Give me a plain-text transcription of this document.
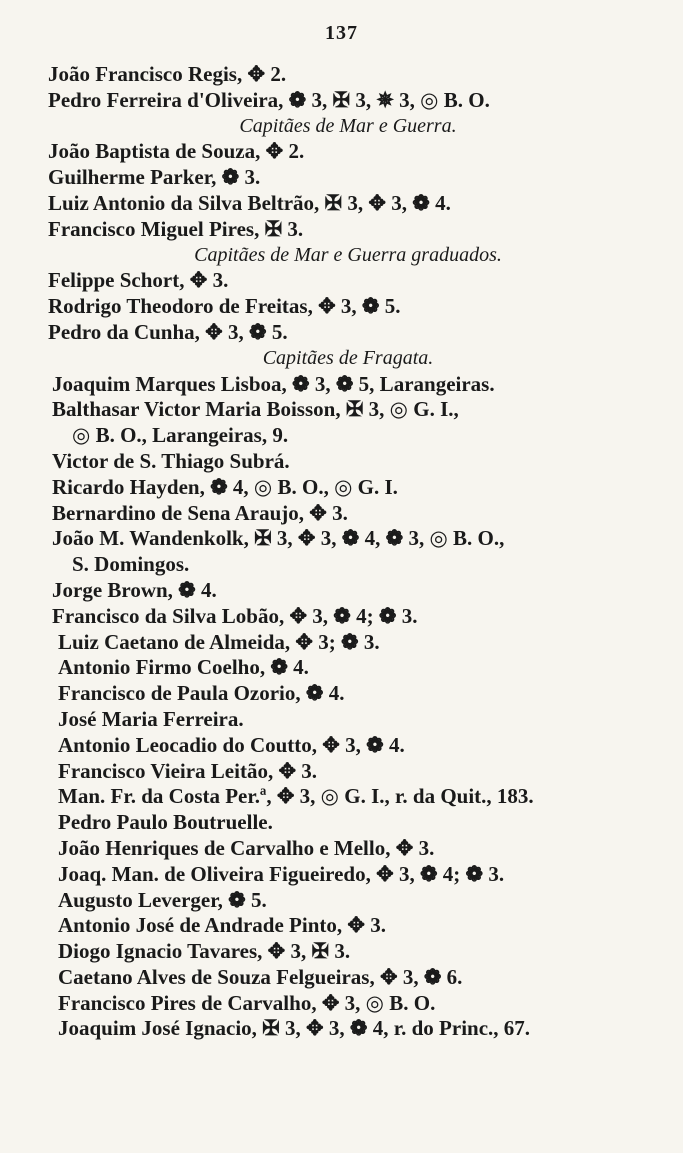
137
João Francisco Regis, ✥ 2.
Pedro Ferreira d'Oliveira, ❁ 3, ✠ 3, ✵ 3, ◎ B. O.
Capitães de Mar e Guerra.
João Baptista de Souza, ✥ 2.
Guilherme Parker, ❁ 3.
Luiz Antonio da Silva Beltrão, ✠ 3, ✥ 3, ❁ 4.
Francisco Miguel Pires, ✠ 3.
Capitães de Mar e Guerra graduados.
Felippe Schort, ✥ 3.
Rodrigo Theodoro de Freitas, ✥ 3, ❁ 5.
Pedro da Cunha, ✥ 3, ❁ 5.
Capitães de Fragata.
Joaquim Marques Lisboa, ❁ 3, ❁ 5, Larangeiras.
Balthasar Victor Maria Boisson, ✠ 3, ◎ G. I.,
◎ B. O., Larangeiras, 9.
Victor de S. Thiago Subrá.
Ricardo Hayden, ❁ 4, ◎ B. O., ◎ G. I.
Bernardino de Sena Araujo, ✥ 3.
João M. Wandenkolk, ✠ 3, ✥ 3, ❁ 4, ❁ 3, ◎ B. O.,
S. Domingos.
Jorge Brown, ❁ 4.
Francisco da Silva Lobão, ✥ 3, ❁ 4; ❁ 3.
Luiz Caetano de Almeida, ✥ 3; ❁ 3.
Antonio Firmo Coelho, ❁ 4.
Francisco de Paula Ozorio, ❁ 4.
José Maria Ferreira.
Antonio Leocadio do Coutto, ✥ 3, ❁ 4.
Francisco Vieira Leitão, ✥ 3.
Man. Fr. da Costa Per.ª, ✥ 3, ◎ G. I., r. da Quit., 183.
Pedro Paulo Boutruelle.
João Henriques de Carvalho e Mello, ✥ 3.
Joaq. Man. de Oliveira Figueiredo, ✥ 3, ❁ 4; ❁ 3.
Augusto Leverger, ❁ 5.
Antonio José de Andrade Pinto, ✥ 3.
Diogo Ignacio Tavares, ✥ 3, ✠ 3.
Caetano Alves de Souza Felgueiras, ✥ 3, ❁ 6.
Francisco Pires de Carvalho, ✥ 3, ◎ B. O.
Joaquim José Ignacio, ✠ 3, ✥ 3, ❁ 4, r. do Princ., 67.
